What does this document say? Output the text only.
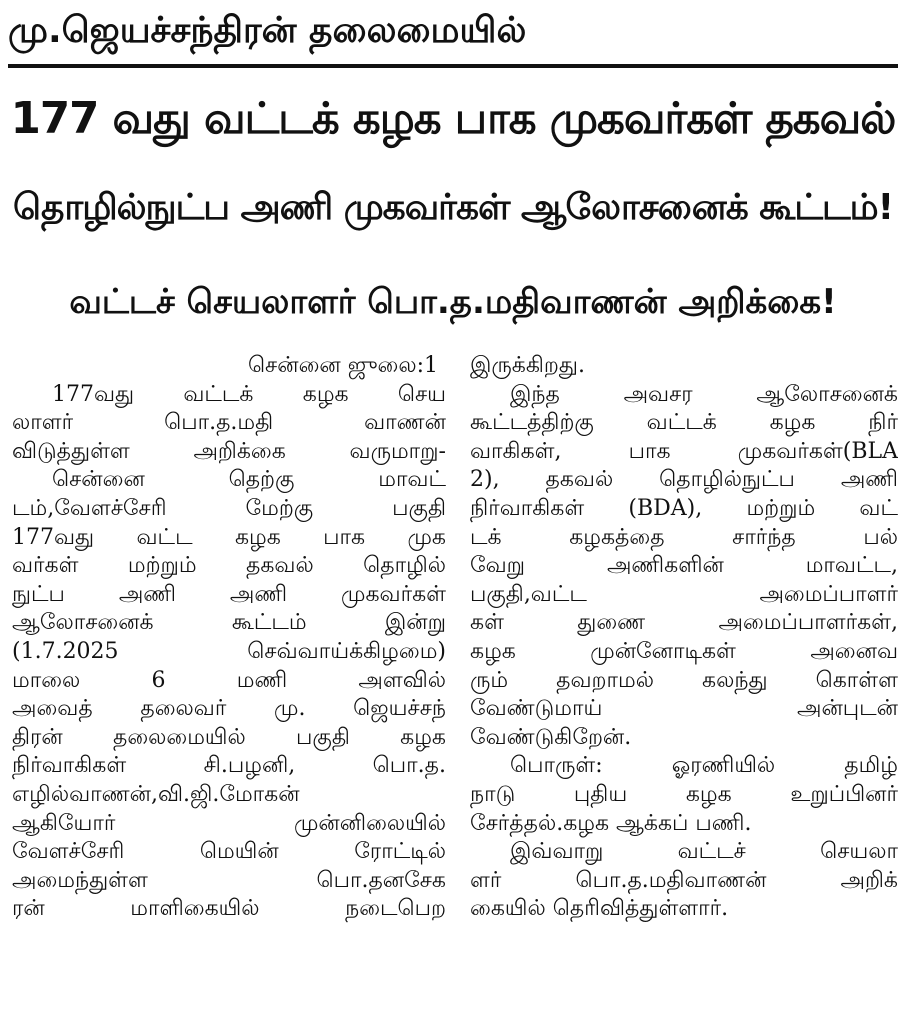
மு.ஜெயச்சந்திரன் தலைமையில்
177 வது வட்டக் கழக பாக முகவர்கள் தகவல்
தொழில்நுட்ப அணி முகவர்கள் ஆலோசனைக் கூட்டம்!
வட்டச் செயலாளர் பொ.த.மதிவாணன் அறிக்கை!

சென்னை ஜுலை:1

177வது வட்டக் கழக செய

லாளர் பொ.த.மதி வாணன்

விடுத்துள்ள அறிக்கை வருமாறு-

சென்னை தெற்கு மாவட்

டம்,வேளச்சேரி மேற்கு பகுதி

177வது வட்ட கழக பாக முக

வர்கள் மற்றும் தகவல் தொழில்

நுட்ப அணி அணி முகவர்கள்

ஆலோசனைக் கூட்டம் இன்று

(1.7.2025 செவ்வாய்க்கிழமை)

மாலை 6 மணி அளவில்

அவைத் தலைவர் மு. ஜெயச்சந்

திரன் தலைமையில் பகுதி கழக

நிர்வாகிகள் சி.பழனி, பொ.த.

எழில்வாணன்,வி.ஜி.மோகன்

ஆகியோர் முன்னிலையில்

வேளச்சேரி மெயின் ரோட்டில்

அமைந்துள்ள பொ.தனசேக

ரன் மாளிகையில் நடைபெற

இருக்கிறது.

இந்த அவசர ஆலோசனைக்

கூட்டத்திற்கு வட்டக் கழக நிர்

வாகிகள், பாக முகவர்கள்(BLA

2), தகவல் தொழில்நுட்ப அணி

நிர்வாகிகள் (BDA), மற்றும் வட்

டக் கழகத்தை சார்ந்த பல்

வேறு அணிகளின் மாவட்ட,

பகுதி,வட்ட அமைப்பாளர்

கள் துணை அமைப்பாளர்கள்,

கழக முன்னோடிகள் அனைவ

ரும் தவறாமல் கலந்து கொள்ள

வேண்டுமாய் அன்புடன்

வேண்டுகிறேன்.

பொருள்: ஓரணியில் தமிழ்

நாடு புதிய கழக உறுப்பினர்

சேர்த்தல்.கழக ஆக்கப் பணி.

இவ்வாறு வட்டச் செயலா

ளர் பொ.த.மதிவாணன் அறிக்

கையில் தெரிவித்துள்ளார்.
